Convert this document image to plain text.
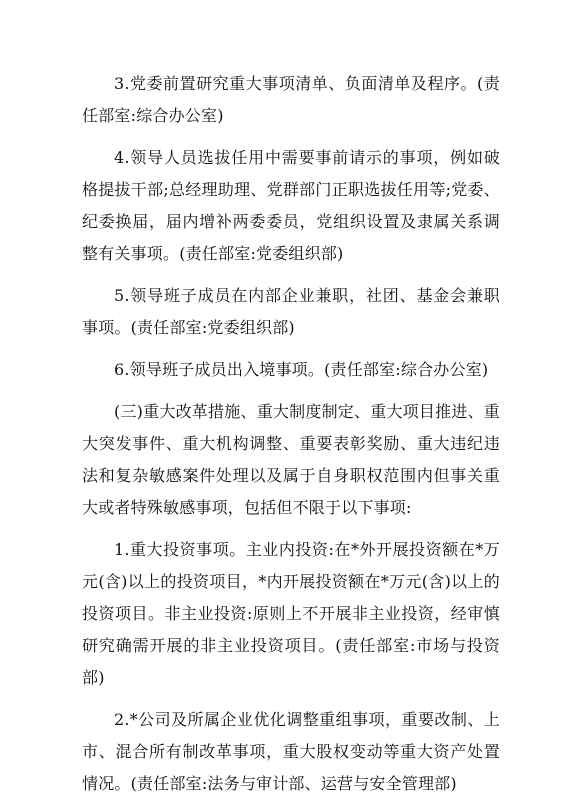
3.党委前置研究重大事项清单、负面清单及程序。(责任部室:综合办公室)

4.领导人员选拔任用中需要事前请示的事项，例如破格提拔干部;总经理助理、党群部门正职选拔任用等;党委、纪委换届，届内增补两委委员，党组织设置及隶属关系调整有关事项。(责任部室:党委组织部)

5.领导班子成员在内部企业兼职，社团、基金会兼职事项。(责任部室:党委组织部)

6.领导班子成员出入境事项。(责任部室:综合办公室)

(三)重大改革措施、重大制度制定、重大项目推进、重大突发事件、重大机构调整、重要表彰奖励、重大违纪违法和复杂敏感案件处理以及属于自身职权范围内但事关重大或者特殊敏感事项，包括但不限于以下事项:

1.重大投资事项。主业内投资:在*外开展投资额在*万元(含)以上的投资项目，*内开展投资额在*万元(含)以上的投资项目。非主业投资:原则上不开展非主业投资，经审慎研究确需开展的非主业投资项目。(责任部室:市场与投资部)

2.*公司及所属企业优化调整重组事项，重要改制、上市、混合所有制改革事项，重大股权变动等重大资产处置情况。(责任部室:法务与审计部、运营与安全管理部)
